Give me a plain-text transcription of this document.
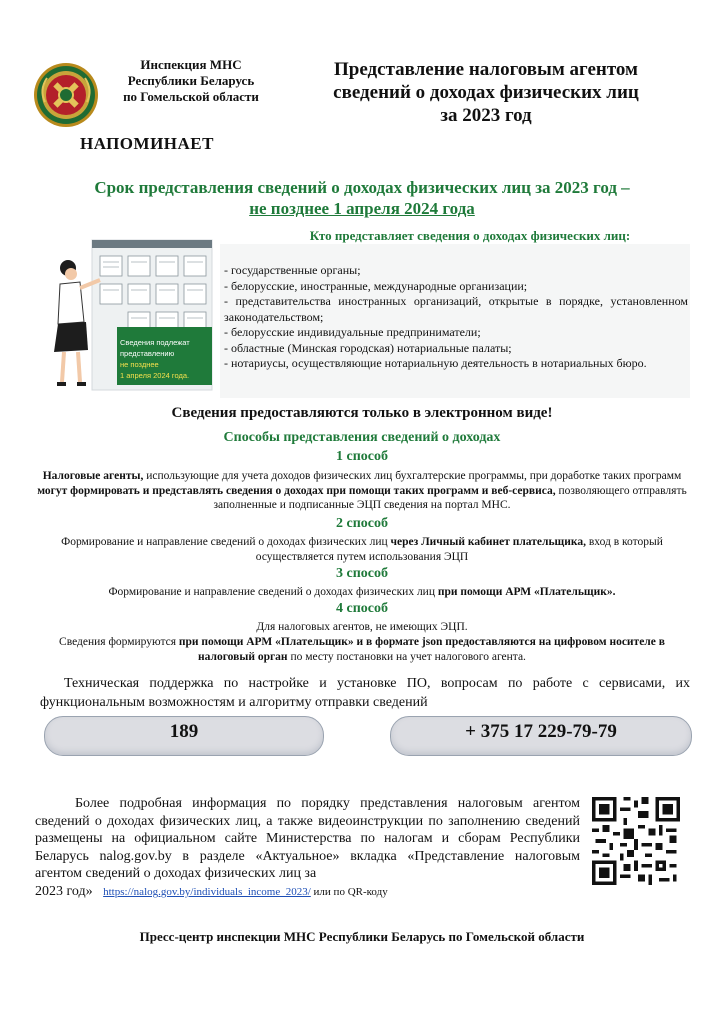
Инспекция МНС
Республики Беларусь
по Гомельской области
НАПОМИНАЕТ
Представление налоговым агентом
сведений о доходах физических лиц
за 2023 год
Срок представления сведений о доходах физических лиц за 2023 год –
не позднее 1 апреля 2024 года
Сведения подлежат
представлению
не позднее
1 апреля 2024 года.
Кто представляет сведения о доходах физических лиц:
- государственные органы;
- белорусские, иностранные, международные организации;
- представительства иностранных организаций, открытые в порядке, установленном законодательством;
- белорусские индивидуальные предприниматели;
- областные (Минская городская) нотариальные палаты;
- нотариусы, осуществляющие нотариальную деятельность в нотариальных бюро.
Сведения предоставляются только в электронном виде!
Способы представления сведений о доходах
1 способ
Налоговые агенты, использующие для учета доходов физических лиц бухгалтерские программы, при доработке таких программ могут формировать и представлять сведения о доходах при помощи таких программ и веб-сервиса, позволяющего отправлять заполненные и подписанные ЭЦП сведения на портал МНС.
2 способ
Формирование и направление сведений о доходах физических лиц через Личный кабинет плательщика, вход в который осуществляется путем использования ЭЦП
3 способ
Формирование и направление сведений о доходах физических лиц при помощи АРМ «Плательщик».
4 способ
Для налоговых агентов, не имеющих ЭЦП.
Сведения формируются при помощи АРМ «Плательщик» и в формате json предоставляются на цифровом носителе в налоговый орган по месту постановки на учет налогового агента.
Техническая поддержка по настройке и установке ПО, вопросам по работе с сервисами, их функциональным возможностям и алгоритму отправки сведений
189	+ 375 17 229-79-79
Более подробная информация по порядку представления налоговым агентом сведений о доходах физических лиц, а также видеоинструкции по заполнению сведений размещены на официальном сайте Министерства по налогам и сборам Республики Беларусь nalog.gov.by в разделе «Актуальное» вкладка «Представление налоговым агентом сведений о доходах физических лиц за
2023 год» https://nalog.gov.by/individuals_income_2023/ или по QR-коду
Пресс-центр инспекции МНС Республики Беларусь по Гомельской области
